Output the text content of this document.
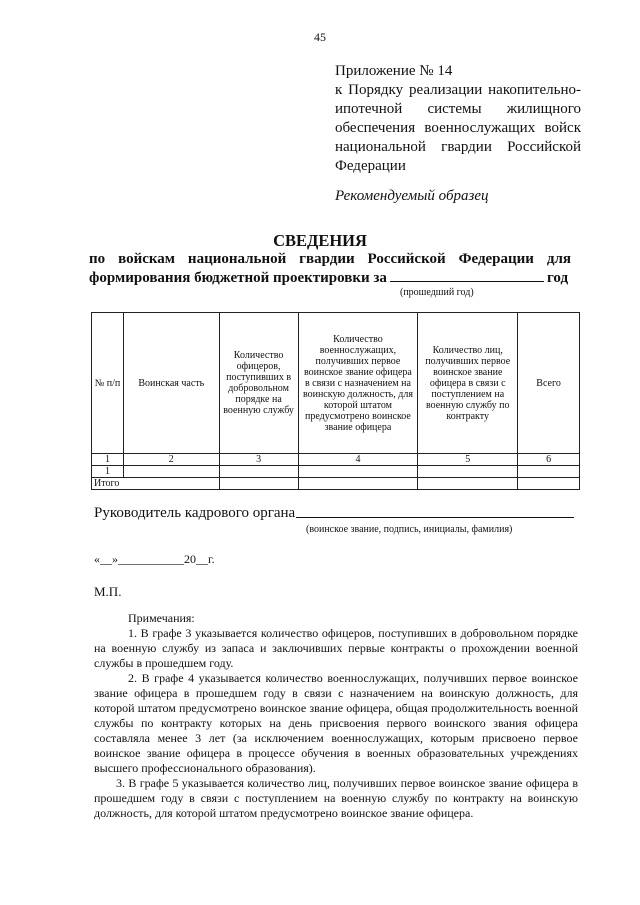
45
Приложение № 14
к Порядку реализации накопительно-
ипотечной системы жилищного
обеспечения военнослужащих войск
национальной гвардии Российской
Федерации
Рекомендуемый образец
СВЕДЕНИЯ
по войскам национальной гвардии Российской Федерации для
формирования бюджетной проектировки за	год
(прошедший год)
№ п/п	Воинская часть	Количество офицеров, поступивших в добровольном порядке на военную службу	Количество военнослужащих, получивших первое воинское звание офицера в связи с назначением на воинскую должность, для которой штатом предусмотрено воинское звание офицера	Количество лиц, получивших первое воинское звание офицера в связи с поступлением на военную службу по контракту	Всего
1	2	3	4	5	6
1					
Итого					
Руководитель кадрового органа
(воинское звание, подпись, инициалы, фамилия)
«__»___________20__г.
М.П.

Примечания:

1. В графе 3 указывается количество офицеров, поступивших в добровольном порядке на военную службу из запаса и заключивших первые контракты о прохождении военной службы в прошедшем году.

2. В графе 4 указывается количество военнослужащих, получивших первое воинское звание офицера в прошедшем году в связи с назначением на воинскую должность, для которой штатом предусмотрено воинское звание офицера, общая продолжительность военной службы по контракту которых на день присвоения первого воинского звания офицера составляла менее 3 лет (за исключением военнослужащих, которым присвоено первое воинское звание офицера в процессе обучения в военных образовательных учреждениях высшего профессионального образования).

3. В графе 5 указывается количество лиц, получивших первое воинское звание офицера в прошедшем году в связи с поступлением на военную службу по контракту на воинскую должность, для которой штатом предусмотрено воинское звание офицера.
